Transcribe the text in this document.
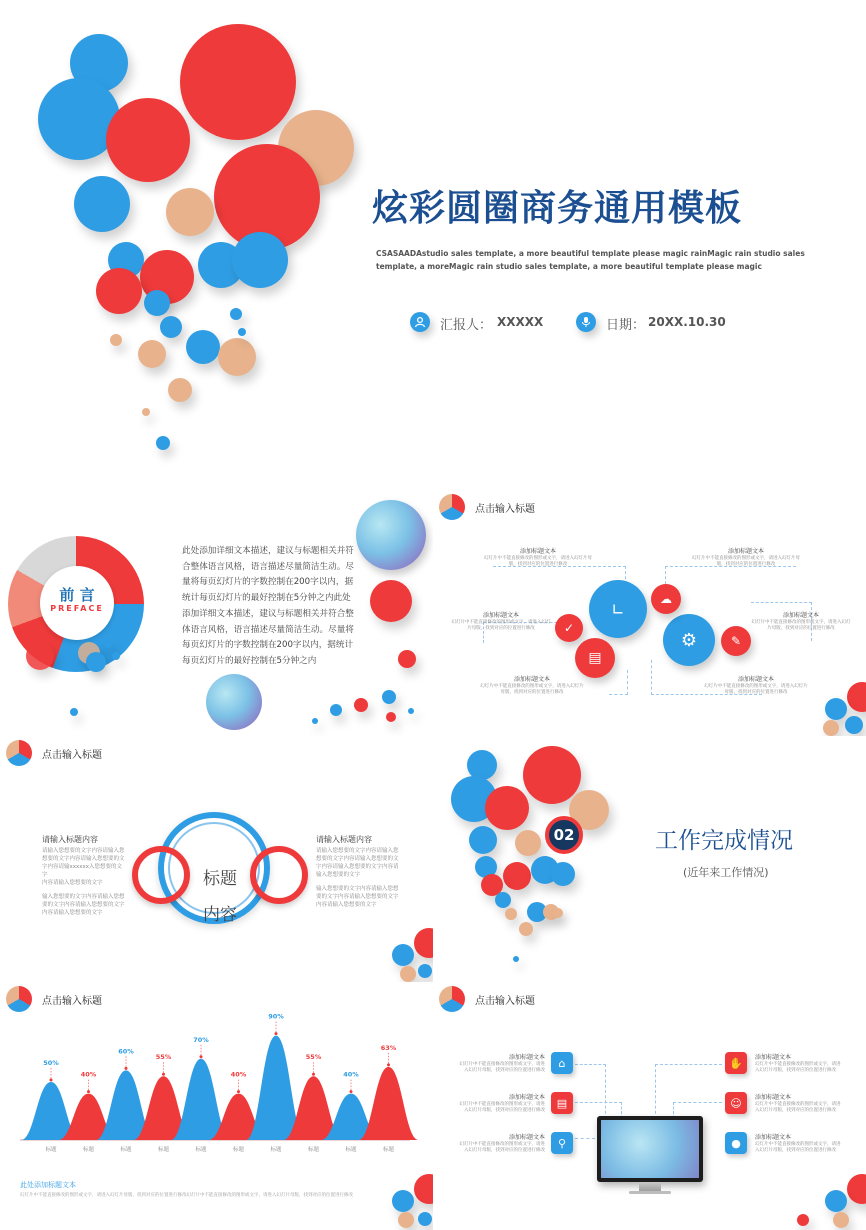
炫彩圆圈商务通用模板
CSASAADAstudio sales template, a more beautiful template please magic rainMagic rain studio sales
template, a moreMagic rain studio sales template, a more beautiful template please magic
汇报人： XXXXX	日期： 20XX.10.30
前 言
PREFACE
此处添加详细文本描述，建议与标题相关并符合整体语言风格，语言描述尽量简洁生动。尽量将每页幻灯片的字数控制在200字以内，据统计每页幻灯片的最好控制在5分钟之内此处添加详细文本描述，建议与标题相关并符合整体语言风格，语言描述尽量简洁生动。尽量将每页幻灯片的字数控制在200字以内，据统计每页幻灯片的最好控制在5分钟之内
点击输入标题
∟
⚙
☁
✓
▤
✎
添加标题文本
幻灯片中不能直接修改的图形或文字，请进入幻灯片母版，找到对应的位置进行修改
添加标题文本
幻灯片中不能直接修改的图形或文字，请进入幻灯片母版，找到对应的位置进行修改
添加标题文本
幻灯片中不能直接修改的图形或文字，请进入幻灯片母版，找到对应的位置进行修改
添加标题文本
幻灯片中不能直接修改的图形或文字，请进入幻灯片母版，找到对应的位置进行修改
添加标题文本
幻灯片中不能直接修改的图形或文字，请进入幻灯片母版，找到对应的位置进行修改
添加标题文本
幻灯片中不能直接修改的图形或文字，请进入幻灯片母版，找到对应的位置进行修改
点击输入标题
标题
内容
请输入标题内容
请输入您想要的文字内容请输入您想要的文字内容请输入您想要的文字内容请输xxxxxx入您想要的文字
内容请输入您想要的文字
输入您想要的文字内容请输入您想要的文字内容请输入您想要的文字内容请输入您想要的文字
请输入标题内容
请输入您想要的文字内容请输入您想要的文字内容请输入您想要的文字内容请输入您想要的文字内容请输入您想要的文字
输入您想要的文字内容请输入您想要的文字内容请输入您想要的文字内容请输入您想要的文字
02	工作完成情况
(近年来工作情况)
点击输入标题
50%
标题
40%
标题
60%
标题
55%
标题
70%
标题
40%
标题
90%
标题
55%
标题
40%
标题
63%
标题
此处添加标题文本
幻灯片中不能直接修改的图形或文字，请进入幻灯片母版，找到对应的位置进行修改幻灯片中不能直接修改的图形或文字，请进入幻灯片母版，找到对应的位置进行修改
点击输入标题
⌂
▤
⚲
✋
☺
●
添加标题文本
幻灯片中不能直接修改的图形或文字，请进入幻灯片母版，找到对应的位置进行修改
添加标题文本
幻灯片中不能直接修改的图形或文字，请进入幻灯片母版，找到对应的位置进行修改
添加标题文本
幻灯片中不能直接修改的图形或文字，请进入幻灯片母版，找到对应的位置进行修改
添加标题文本
幻灯片中不能直接修改的图形或文字，请进入幻灯片母版，找到对应的位置进行修改
添加标题文本
幻灯片中不能直接修改的图形或文字，请进入幻灯片母版，找到对应的位置进行修改
添加标题文本
幻灯片中不能直接修改的图形或文字，请进入幻灯片母版，找到对应的位置进行修改
